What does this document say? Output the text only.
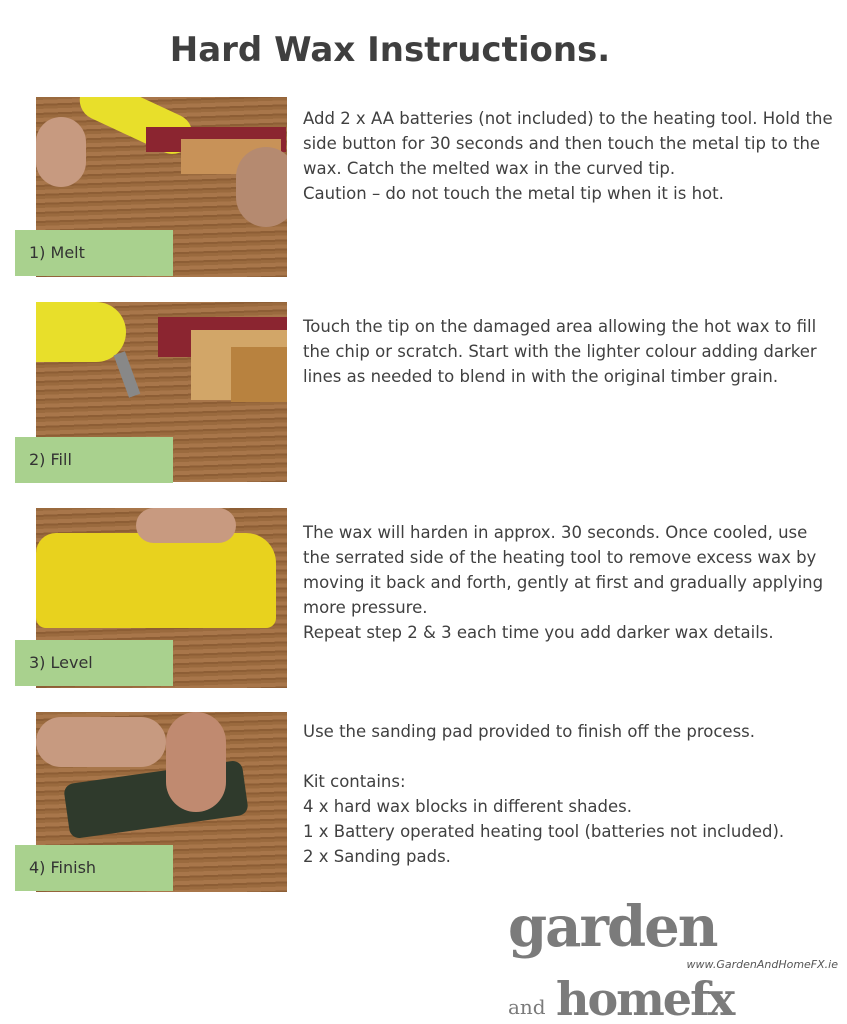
Hard Wax Instructions.
1) Melt
Add 2 x AA batteries (not included) to the heating tool. Hold the side button for 30 seconds and then touch the metal tip to the wax. Catch the melted wax in the curved tip.
Caution – do not touch the metal tip when it is hot.
2) Fill
Touch the tip on the damaged area allowing the hot wax to fill the chip or scratch. Start with the lighter colour adding darker lines as needed to blend in with the original timber grain.
3) Level
The wax will harden in approx. 30 seconds. Once cooled, use the serrated side of the heating tool to remove excess wax by moving it back and forth, gently at first and gradually applying more pressure.
Repeat step 2 & 3 each time you add darker wax details.
4) Finish
Use the sanding pad provided to finish off the process.
Kit contains:
4 x hard wax blocks in different shades.
1 x Battery operated heating tool (batteries not included).
2 x Sanding pads.
garden
www.GardenAndHomeFX.ie
and homefx
